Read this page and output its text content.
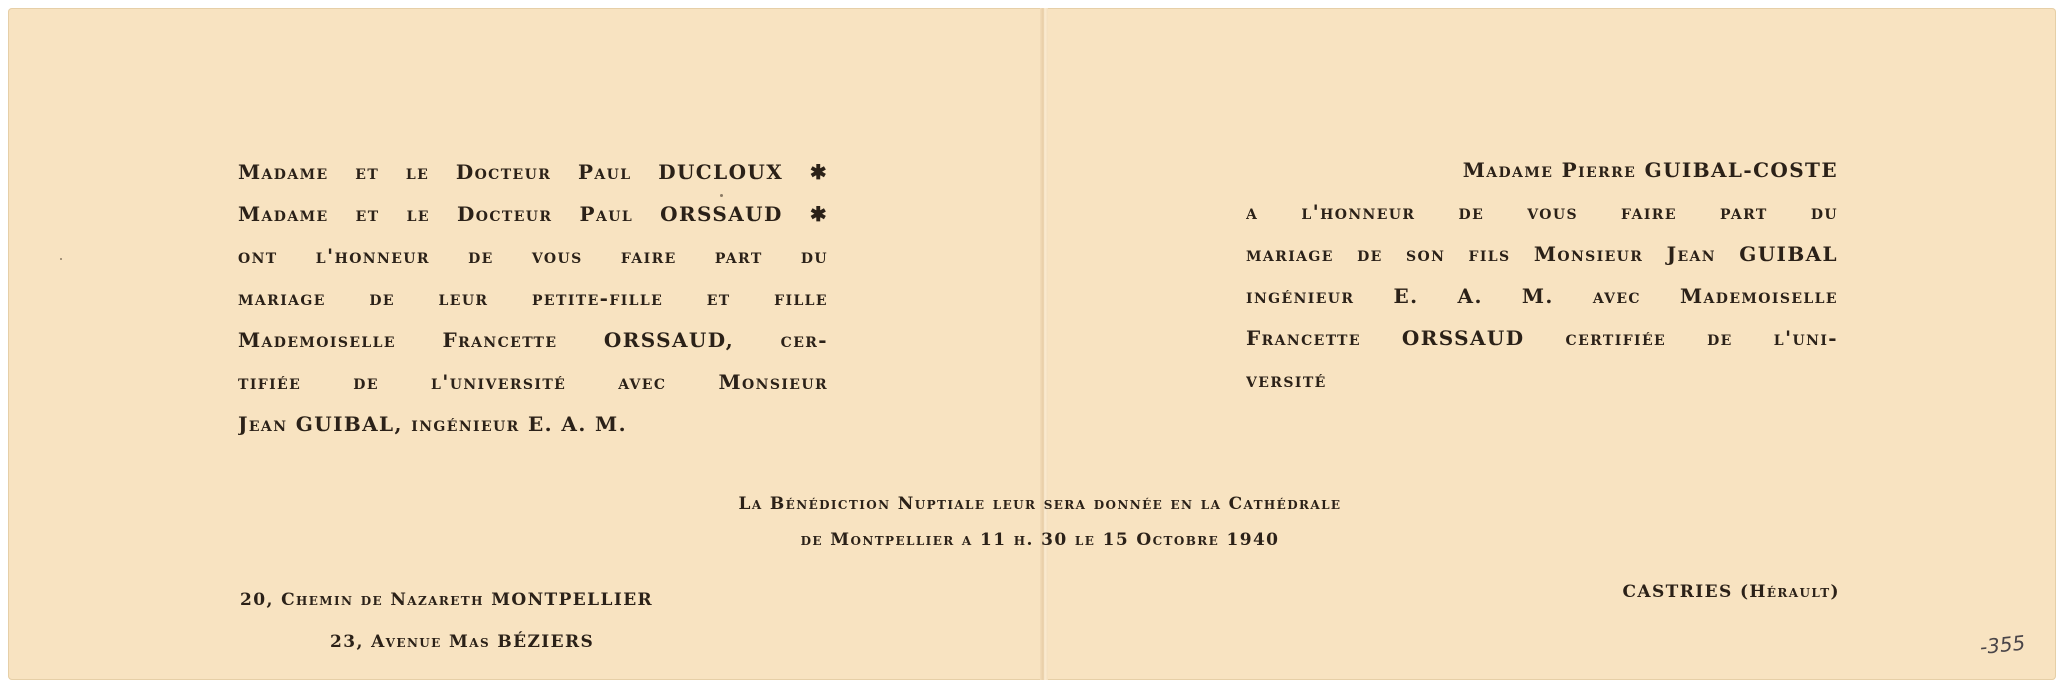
Madame et le Docteur Paul DUCLOUX ✱
Madame et le Docteur Paul ORSSAUD ✱
ont l'honneur de vous faire part du
mariage de leur petite-fille et fille
Mademoiselle Francette ORSSAUD, cer-
tifiée de l'université avec Monsieur
Jean GUIBAL, ingénieur E. A. M.
Madame Pierre GUIBAL-COSTE
a l'honneur de vous faire part du
mariage de son fils Monsieur Jean GUIBAL
ingénieur E. A. M. avec Mademoiselle
Francette ORSSAUD certifiée de l'uni-
versité
La Bénédiction Nuptiale leur sera donnée en la Cathédrale
de Montpellier a 11 h. 30 le 15 Octobre 1940
20, Chemin de Nazareth MONTPELLIER
23, Avenue Mas BÉZIERS
CASTRIES (Hérault)
-355
